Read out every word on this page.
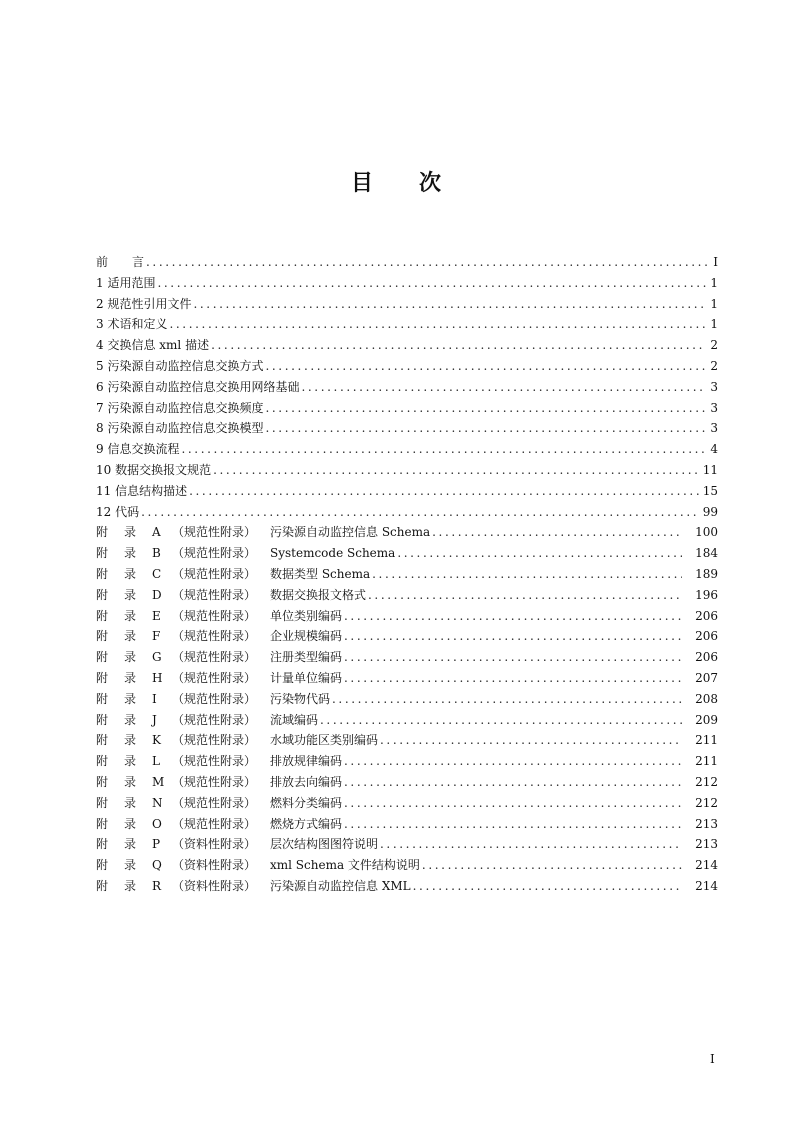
目 次
前　　言 .....	I
1 适用范围 .....	1
2 规范性引用文件 .....	1
3 术语和定义 .....	1
4 交换信息 xml 描述 .....	2
5 污染源自动监控信息交换方式 .....	2
6 污染源自动监控信息交换用网络基础 .....	3
7 污染源自动监控信息交换频度 .....	3
8 污染源自动监控信息交换模型 .....	3
9 信息交换流程 .....	4
10 数据交换报文规范 .....	11
11 信息结构描述 .....	15
12 代码 .....	99
附	录	A （规范性附录）	污染源自动监控信息 Schema .....	100
附	录	B （规范性附录）	Systemcode Schema .....	184
附	录	C （规范性附录）	数据类型 Schema .....	189
附	录	D （规范性附录）	数据交换报文格式 .....	196
附	录	E （规范性附录）	单位类别编码 .....	206
附	录	F （规范性附录）	企业规模编码 .....	206
附	录	G （规范性附录）	注册类型编码 .....	206
附	录	H （规范性附录）	计量单位编码 .....	207
附	录	I	（规范性附录）	污染物代码 .....	208
附	录	J	（规范性附录）	流域编码 .....	209
附	录	K （规范性附录）	水域功能区类别编码 .....	211
附	录	L	（规范性附录）	排放规律编码 .....	211
附	录	M （规范性附录）	排放去向编码 .....	212
附	录	N （规范性附录）	燃料分类编码 .....	212
附	录	O （规范性附录）	燃烧方式编码 .....	213
附	录	P （资料性附录）	层次结构图图符说明 .....	213
附	录	Q （资料性附录）	xml Schema 文件结构说明 .....	214
附	录	R （资料性附录）	污染源自动监控信息 XML .....	214
I
